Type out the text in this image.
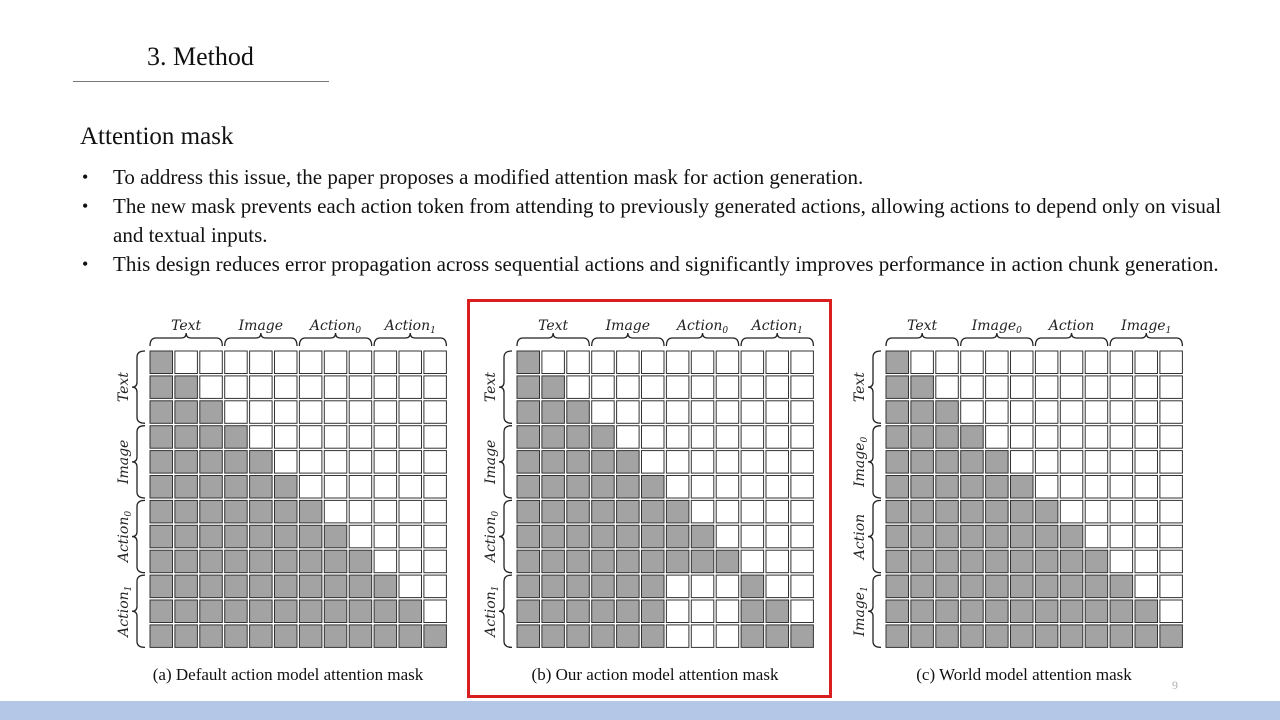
3. Method
Attention mask
• To address this issue, the paper proposes a modified attention mask for action generation.
• The new mask prevents each action token from attending to previously generated actions, allowing actions to depend only on visual and textual inputs.
• This design reduces error propagation across sequential actions and significantly improves performance in action chunk generation.
Text
Text
Image
Image
Action$_0$
Action$_0$
Action$_1$
Action$_1$
(a) Default action model attention mask
Text
Text
Image
Image
Action$_0$
Action$_0$
Action$_1$
Action$_1$
(b) Our action model attention mask
Text
Text
Image$_0$
Image$_0$
Action
Action
Image$_1$
Image$_1$
(c) World model attention mask
9
